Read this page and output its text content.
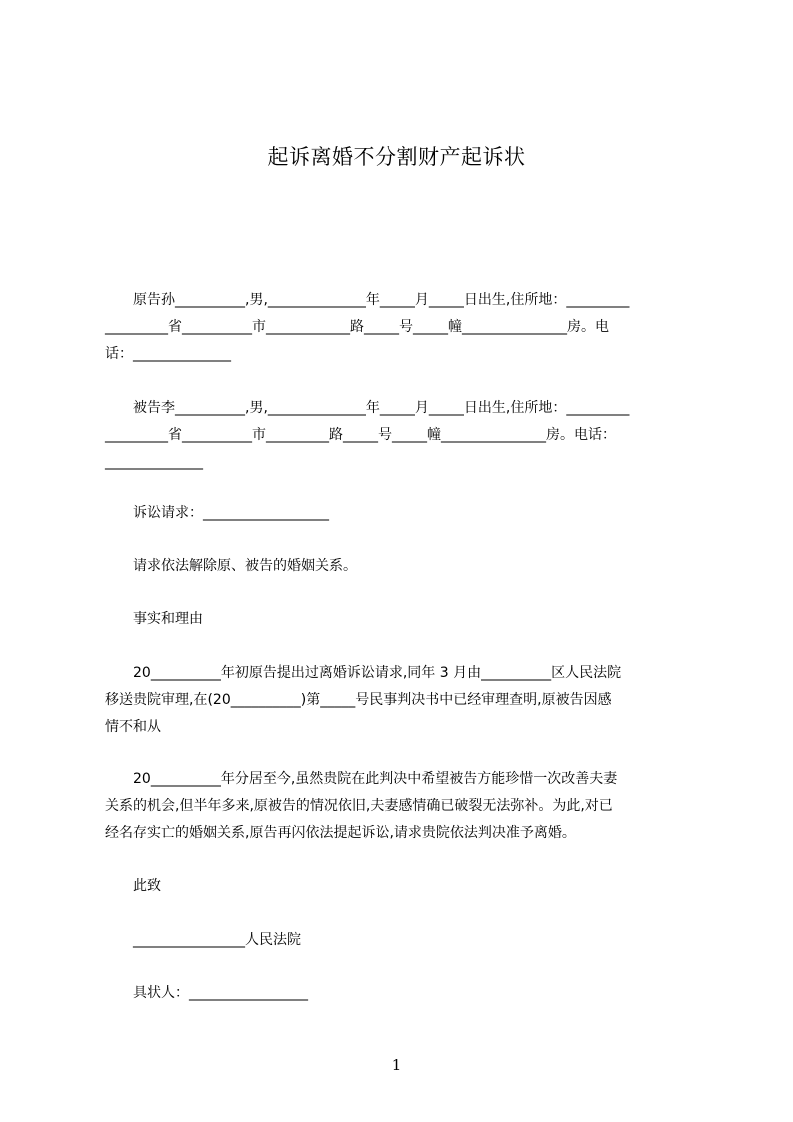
起诉离婚不分割财产起诉状

　　原告孙__________,男,______________年_____月_____日出生,住所地：_________

_________省__________市____________路_____号_____幢_______________房。电

话：______________

　　被告李__________,男,______________年_____月_____日出生,住所地：_________

_________省__________市_________路_____号_____幢_______________房。电话：

______________

　　诉讼请求：__________________

　　请求依法解除原、被告的婚姻关系。

　　事实和理由

　　20__________年初原告提出过离婚诉讼请求,同年 3 月由__________区人民法院

移送贵院审理,在(20__________)第_____号民事判决书中已经审理查明,原被告因感

情不和从

　　20__________年分居至今,虽然贵院在此判决中希望被告方能珍惜一次改善夫妻

关系的机会,但半年多来,原被告的情况依旧,夫妻感情确已破裂无法弥补。为此,对已

经名存实亡的婚姻关系,原告再闪依法提起诉讼,请求贵院依法判决准予离婚。

　　此致

　　________________人民法院

　　具状人：_________________

1
